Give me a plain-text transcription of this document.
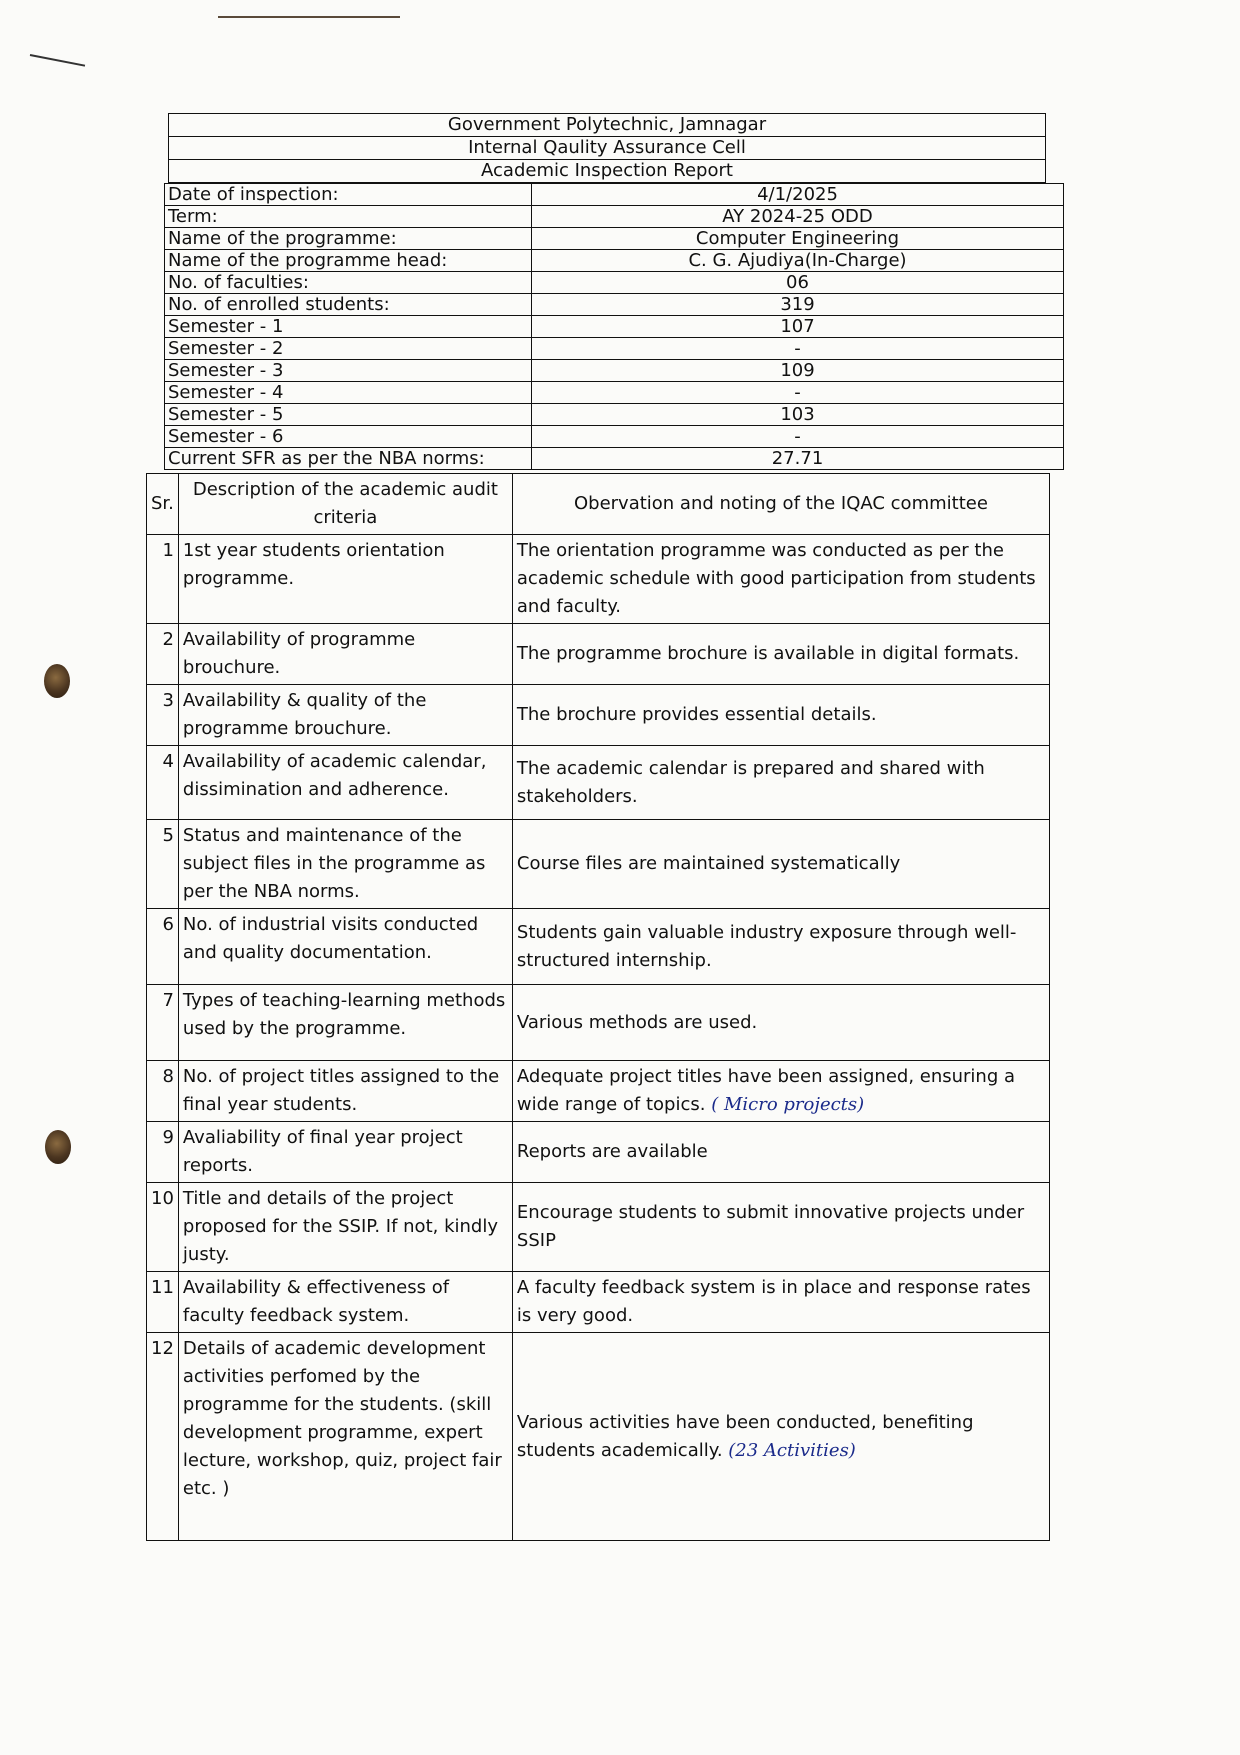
Government Polytechnic, Jamnagar
Internal Qaulity Assurance Cell
Academic Inspection Report
Date of inspection:	4/1/2025
Term:	AY 2024-25 ODD
Name of the programme:	Computer Engineering
Name of the programme head:	C. G. Ajudiya(In-Charge)
No. of faculties:	06
No. of enrolled students:	319
Semester - 1	107
Semester - 2	-
Semester - 3	109
Semester - 4	-
Semester - 5	103
Semester - 6	-
Current SFR as per the NBA norms:	27.71
Sr.	Description of the academic audit criteria	Obervation and noting of the IQAC committee
1	1st year students orientation programme.	The orientation programme was conducted as per the academic schedule with good participation from students and faculty.
2	Availability of programme brouchure.	The programme brochure is available in digital formats.
3	Availability & quality of the programme brouchure.	The brochure provides essential details.
4	Availability of academic calendar, dissimination and adherence.	The academic calendar is prepared and shared with stakeholders.
5	Status and maintenance of the subject files in the programme as per the NBA norms.	Course files are maintained systematically
6	No. of industrial visits conducted and quality documentation.	Students gain valuable industry exposure through well-structured internship.
7	Types of teaching-learning methods used by the programme.	Various methods are used.
8	No. of project titles assigned to the final year students.	Adequate project titles have been assigned, ensuring a wide range of topics. ( Micro projects)
9	Avaliability of final year project reports.	Reports are available
10	Title and details of the project proposed for the SSIP. If not, kindly justy.	Encourage students to submit innovative projects under SSIP
11	Availability & effectiveness of faculty feedback system.	A faculty feedback system is in place and response rates is very good.
12	Details of academic development activities perfomed by the programme for the students. (skill development programme, expert lecture, workshop, quiz, project fair etc. )	Various activities have been conducted, benefiting students academically. (23 Activities)
